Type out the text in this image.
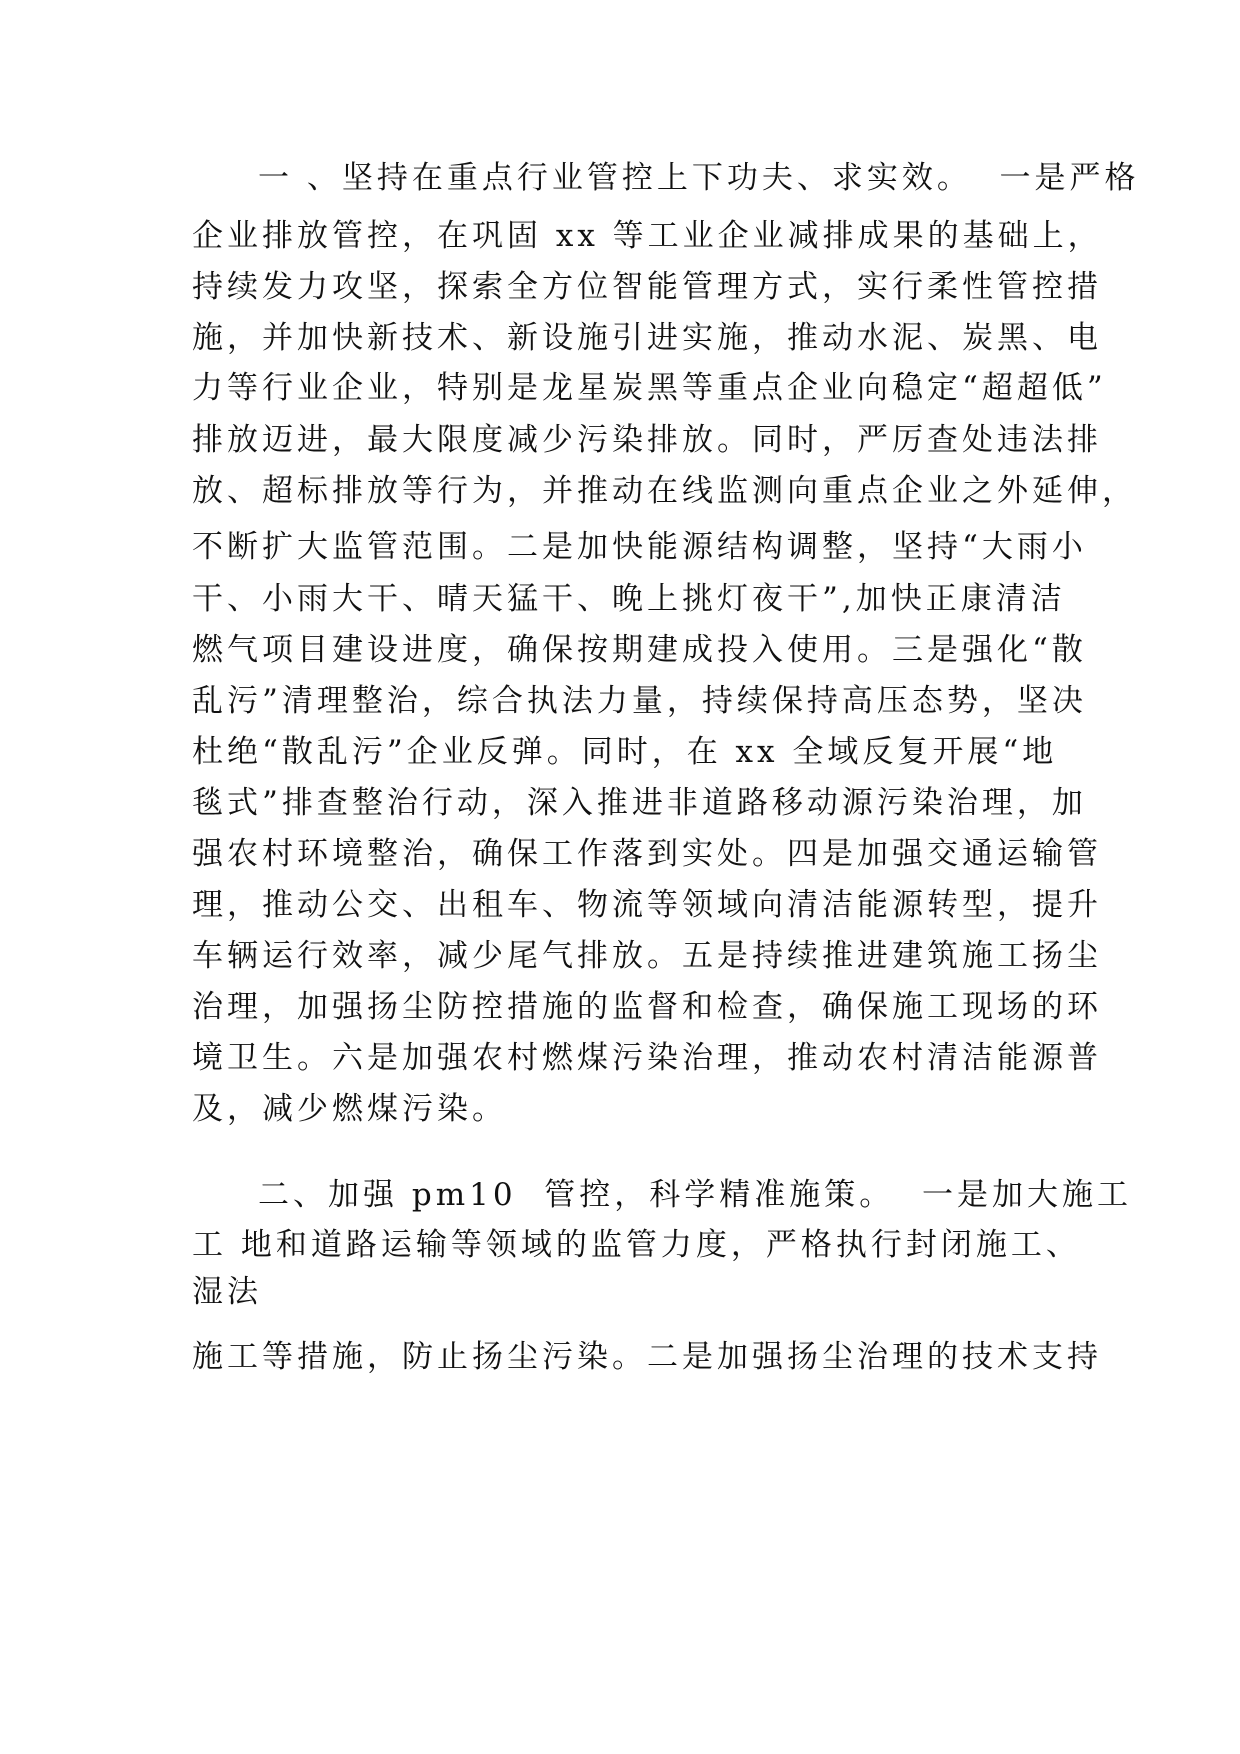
一 、坚持在重点行业管控上下功夫、求实效。  一是严格
企业排放管控，在巩固 xx 等工业企业减排成果的基础上，
持续发力攻坚，探索全方位智能管理方式，实行柔性管控措
施，并加快新技术、新设施引进实施，推动水泥、炭黑、电
力等行业企业，特别是龙星炭黑等重点企业向稳定“超超低”
排放迈进，最大限度减少污染排放。同时，严厉查处违法排
放、超标排放等行为，并推动在线监测向重点企业之外延伸，
不断扩大监管范围。二是加快能源结构调整，坚持“大雨小
干、小雨大干、晴天猛干、晚上挑灯夜干”,加快正康清洁
燃气项目建设进度，确保按期建成投入使用。三是强化“散
乱污”清理整治，综合执法力量，持续保持高压态势，坚决
杜绝“散乱污”企业反弹。同时，在 xx 全域反复开展“地
毯式”排查整治行动，深入推进非道路移动源污染治理，加
强农村环境整治，确保工作落到实处。四是加强交通运输管
理，推动公交、出租车、物流等领域向清洁能源转型，提升
车辆运行效率，减少尾气排放。五是持续推进建筑施工扬尘
治理，加强扬尘防控措施的监督和检查，确保施工现场的环
境卫生。六是加强农村燃煤污染治理，推动农村清洁能源普
及，减少燃煤污染。
二、加强 pm10  管控，科学精准施策。  一是加大施工
工 地和道路运输等领域的监管力度，严格执行封闭施工、
湿法
施工等措施，防止扬尘污染。二是加强扬尘治理的技术支持
